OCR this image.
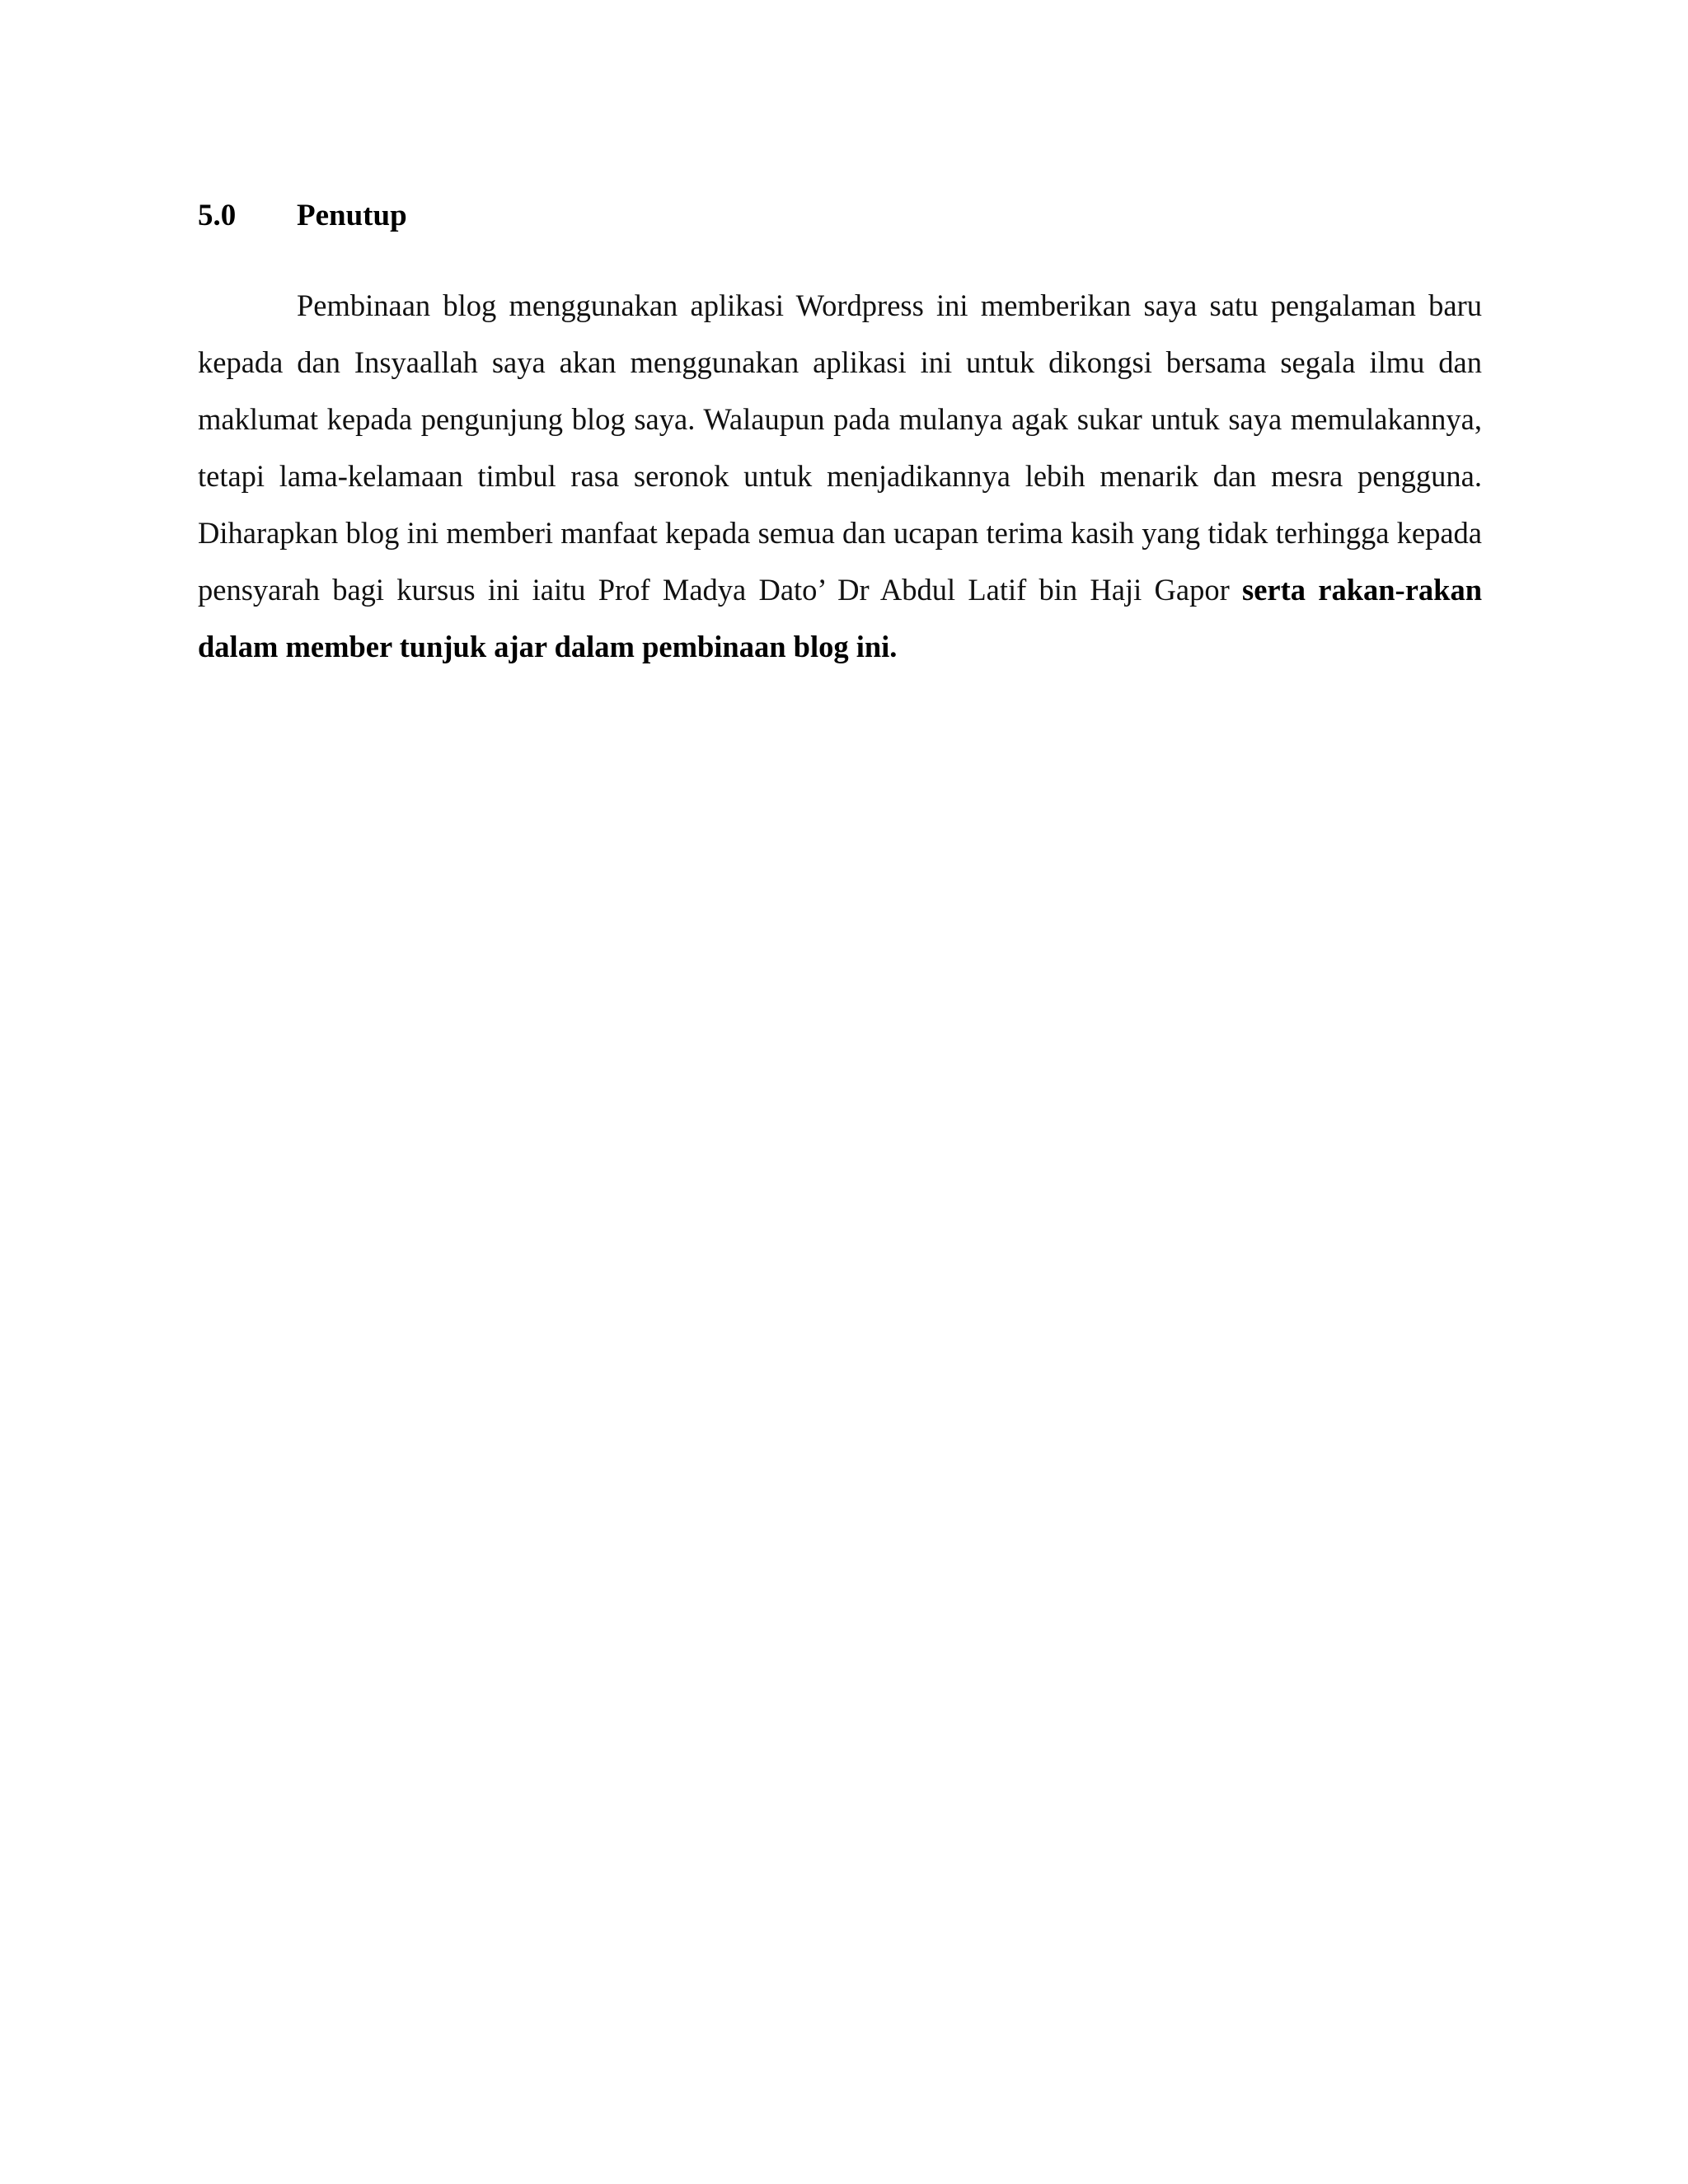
5.0 Penutup

Pembinaan blog menggunakan aplikasi Wordpress ini memberikan saya satu pengalaman baru kepada dan Insyaallah saya akan menggunakan aplikasi ini untuk dikongsi bersama segala ilmu dan maklumat kepada pengunjung blog saya. Walaupun pada mulanya agak sukar untuk saya memulakannya, tetapi lama-kelamaan timbul rasa seronok untuk menjadikannya lebih menarik dan mesra pengguna. Diharapkan blog ini memberi manfaat kepada semua dan ucapan terima kasih yang tidak terhingga kepada pensyarah bagi kursus ini iaitu Prof Madya Dato’ Dr Abdul Latif bin Haji Gapor serta rakan-rakan dalam member tunjuk ajar dalam pembinaan blog ini.
